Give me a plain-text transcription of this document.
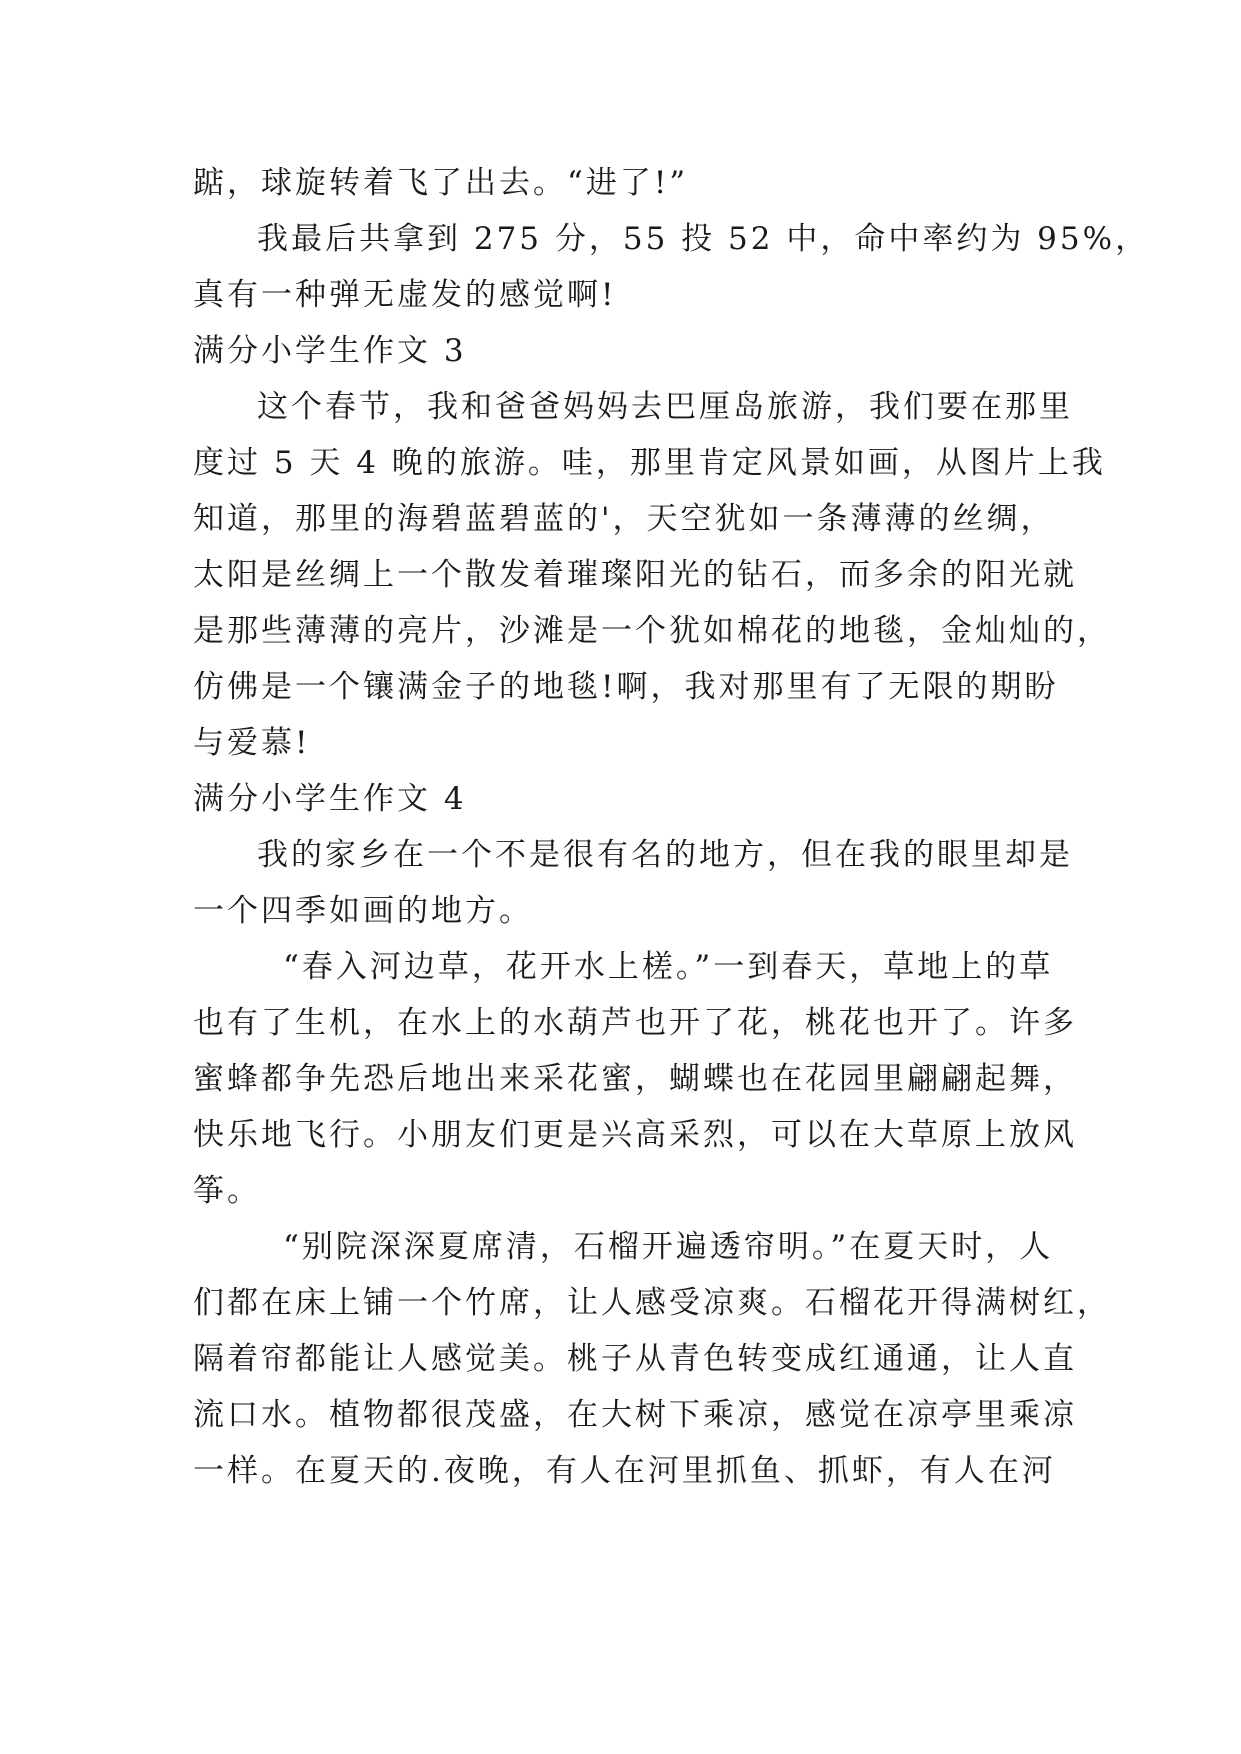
踮，球旋转着飞了出去。“进了!”
我最后共拿到 275 分，55 投 52 中，命中率约为 95%，
真有一种弹无虚发的感觉啊!
满分小学生作文 3
这个春节，我和爸爸妈妈去巴厘岛旅游，我们要在那里
度过 5 天 4 晚的旅游。哇，那里肯定风景如画，从图片上我
知道，那里的海碧蓝碧蓝的'，天空犹如一条薄薄的丝绸，
太阳是丝绸上一个散发着璀璨阳光的钻石，而多余的阳光就
是那些薄薄的亮片，沙滩是一个犹如棉花的地毯，金灿灿的，
仿佛是一个镶满金子的地毯!啊，我对那里有了无限的期盼
与爱慕!
满分小学生作文 4
我的家乡在一个不是很有名的地方，但在我的眼里却是
一个四季如画的地方。
“春入河边草，花开水上槎。”一到春天，草地上的草
也有了生机，在水上的水葫芦也开了花，桃花也开了。许多
蜜蜂都争先恐后地出来采花蜜，蝴蝶也在花园里翩翩起舞，
快乐地飞行。小朋友们更是兴高采烈，可以在大草原上放风
筝。
“别院深深夏席清，石榴开遍透帘明。”在夏天时，人
们都在床上铺一个竹席，让人感受凉爽。石榴花开得满树红，
隔着帘都能让人感觉美。桃子从青色转变成红通通，让人直
流口水。植物都很茂盛，在大树下乘凉，感觉在凉亭里乘凉
一样。在夏天的.夜晚，有人在河里抓鱼、抓虾，有人在河
